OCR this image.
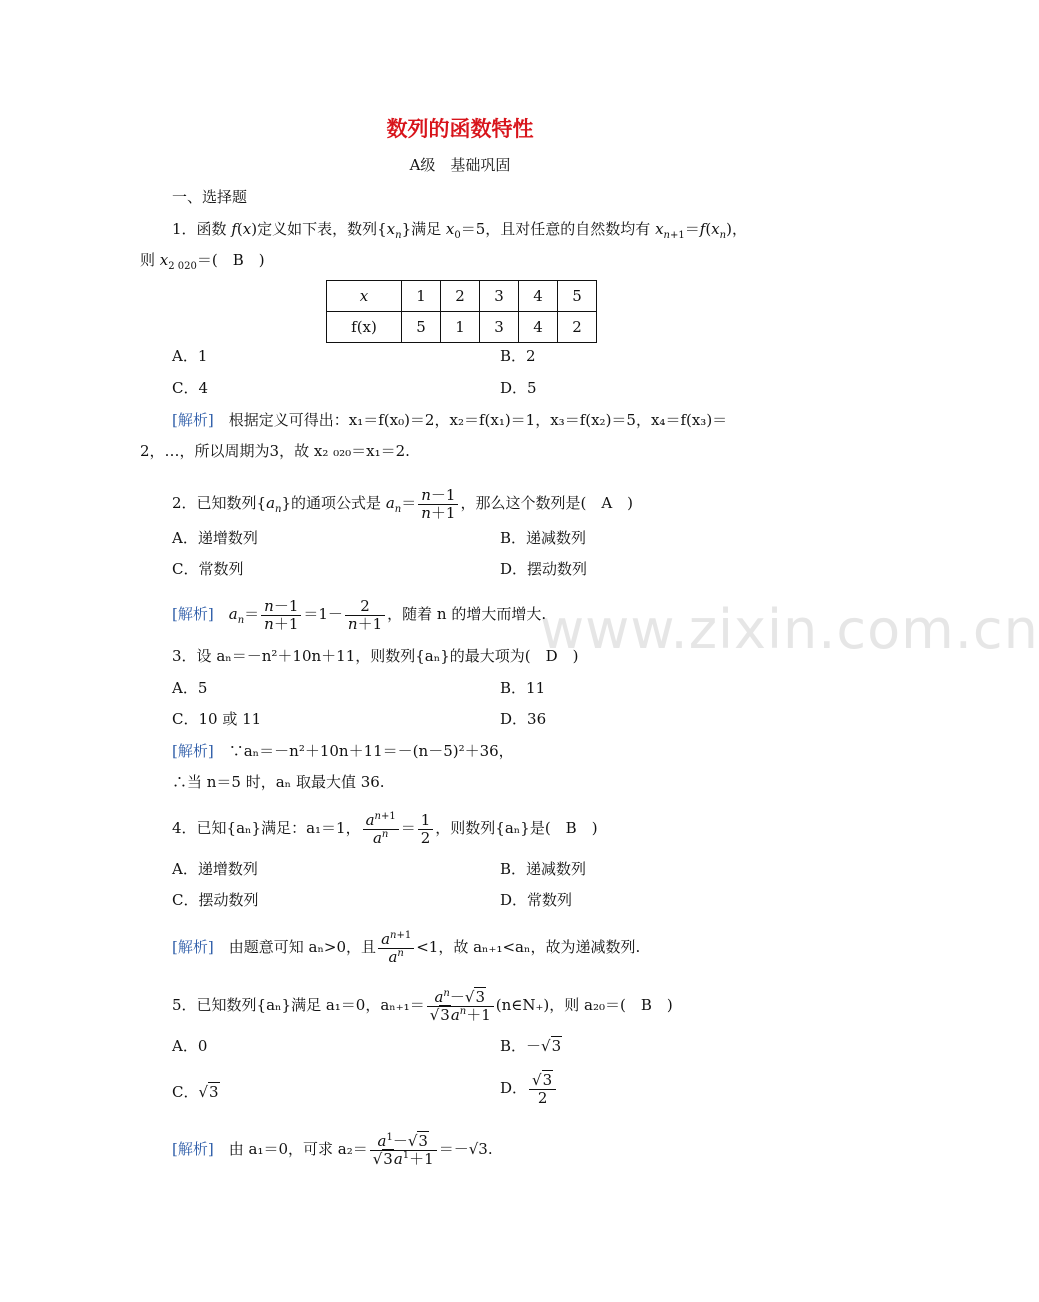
数列的函数特性
A级　基础巩固
一、选择题
www.zixin.com.cn
1．函数 f(x)定义如下表，数列$\{x_n\}$满足 $x_0=5$，且对任意的自然数均有 $x_{n+1}=f(x_n)$，
则 $x_{2 020}=$(　B　)
x	1	2	3	4	5
f(x)	5	1	3	4	2
A．1	B．2
C．4	D．5
[解析]　 根据定义可得出：x₁＝f(x₀)＝2，x₂＝f(x₁)＝1，x₃＝f(x₂)＝5，x₄＝f(x₃)＝
2，…，所以周期为3，故 x₂ ₀₂₀＝x₁＝2.
2．已知数列$\{a_n\}$的通项公式是 $a_n= \frac{n-1}{n+1}$ ，那么这个数列是(　A　)
A．递增数列	B．递减数列
C．常数列	D．摆动数列
[解析]　 $a_n= \frac{n-1}{n+1} =1- \frac{2}{n+1}$ ，随着 n 的增大而增大.
3．设 aₙ＝－n²＋10n＋11，则数列{aₙ}的最大项为(　D　)
A．5	B．11
C．10 或 11	D．36
[解析]　 ∵aₙ＝－n²＋10n＋11＝－(n－5)²＋36，
∴当 n＝5 时，aₙ 取最大值 36.
4．已知{aₙ}满足：a₁＝1， $\frac{a^{n+1}}{a^n} = \frac{1}{2}$ ，则数列{aₙ}是(　B　)
A．递增数列	B．递减数列
C．摆动数列	D．常数列
[解析]　 由题意可知 aₙ>0，且 $\frac{a^{n+1}}{a^n} <1$，故 aₙ₊₁<aₙ，故为递减数列.
5．已知数列{aₙ}满足 a₁＝0，$a_{n+1}= \frac{a^n-√3}{√3a^n+1}$ (n∈N₊)，则 a₂₀＝(　B　)
A．0	B．－√3
C．√3	D． $\frac{√3}{2}$
[解析]　 由 a₁＝0，可求 $a_2= \frac{a^1-√3}{√3a^1+1} =-√3$.
